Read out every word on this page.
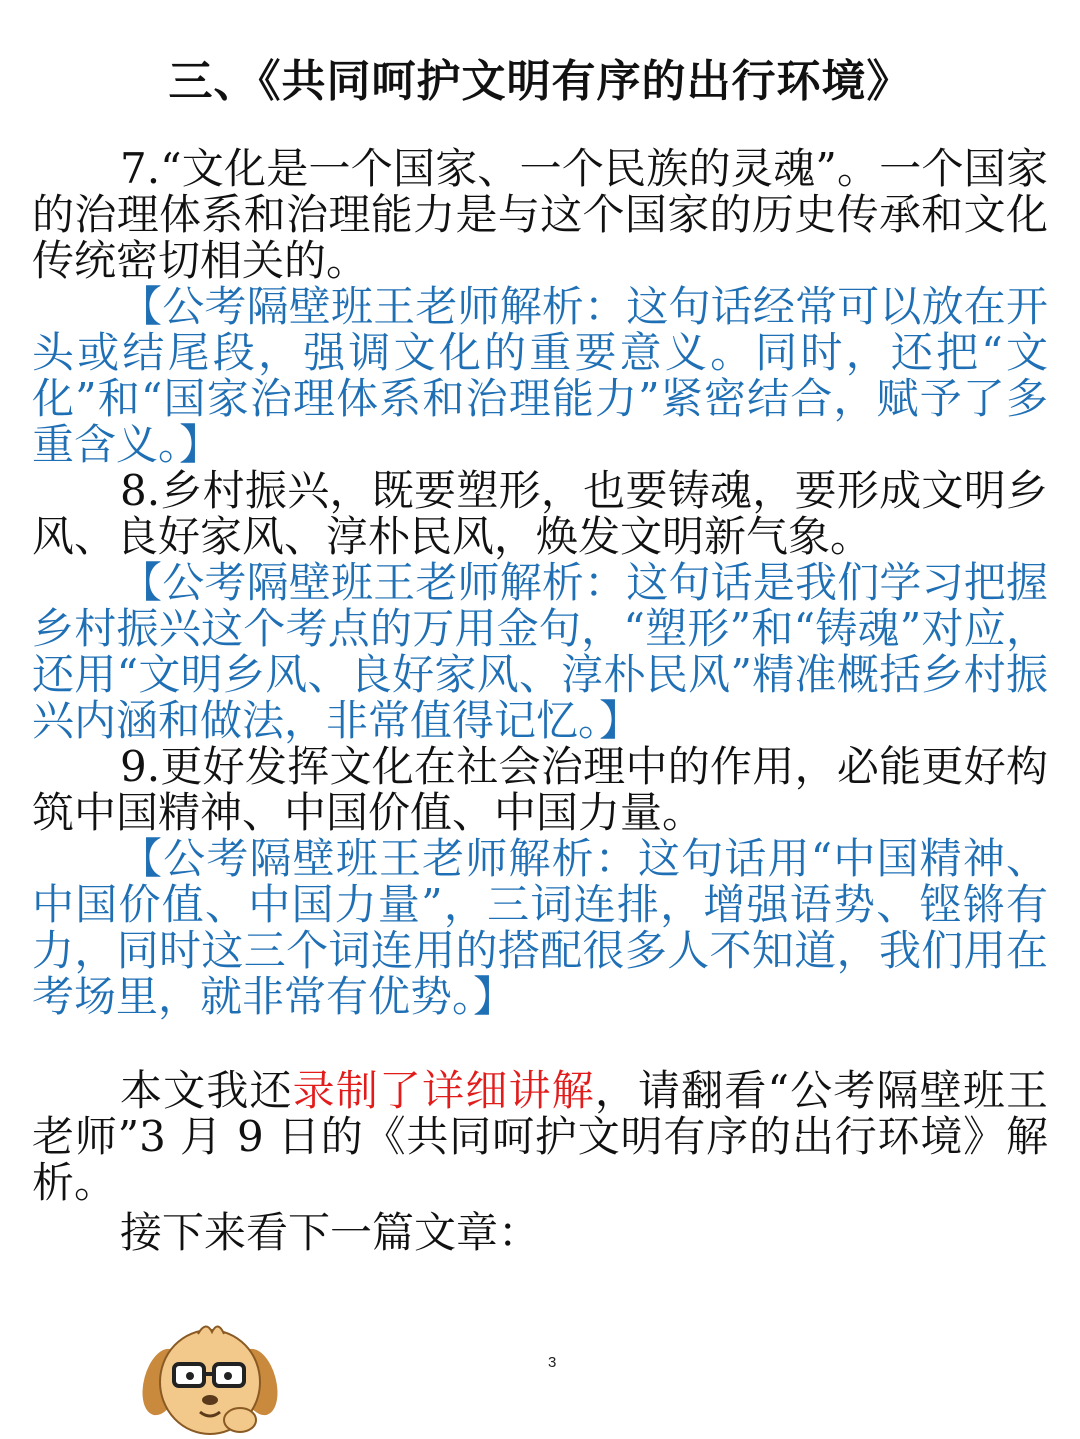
三、《共同呵护文明有序的出行环境》

7.“文化是一个国家、一个民族的灵魂”。一个国家的治理体系和治理能力是与这个国家的历史传承和文化传统密切相关的。

【公考隔壁班王老师解析：这句话经常可以放在开头或结尾段，强调文化的重要意义。同时，还把“文化”和“国家治理体系和治理能力”紧密结合，赋予了多重含义。】

8.乡村振兴，既要塑形，也要铸魂，要形成文明乡风、良好家风、淳朴民风，焕发文明新气象。

【公考隔壁班王老师解析：这句话是我们学习把握乡村振兴这个考点的万用金句，“塑形”和“铸魂”对应，还用“文明乡风、良好家风、淳朴民风”精准概括乡村振兴内涵和做法，非常值得记忆。】

9.更好发挥文化在社会治理中的作用，必能更好构筑中国精神、中国价值、中国力量。

【公考隔壁班王老师解析：这句话用“中国精神、中国价值、中国力量”，三词连排，增强语势、铿锵有力，同时这三个词连用的搭配很多人不知道，我们用在考场里，就非常有优势。】

本文我还录制了详细讲解，请翻看“公考隔壁班王老师”3 月 9 日的《共同呵护文明有序的出行环境》解析。

接下来看下一篇文章：

3
